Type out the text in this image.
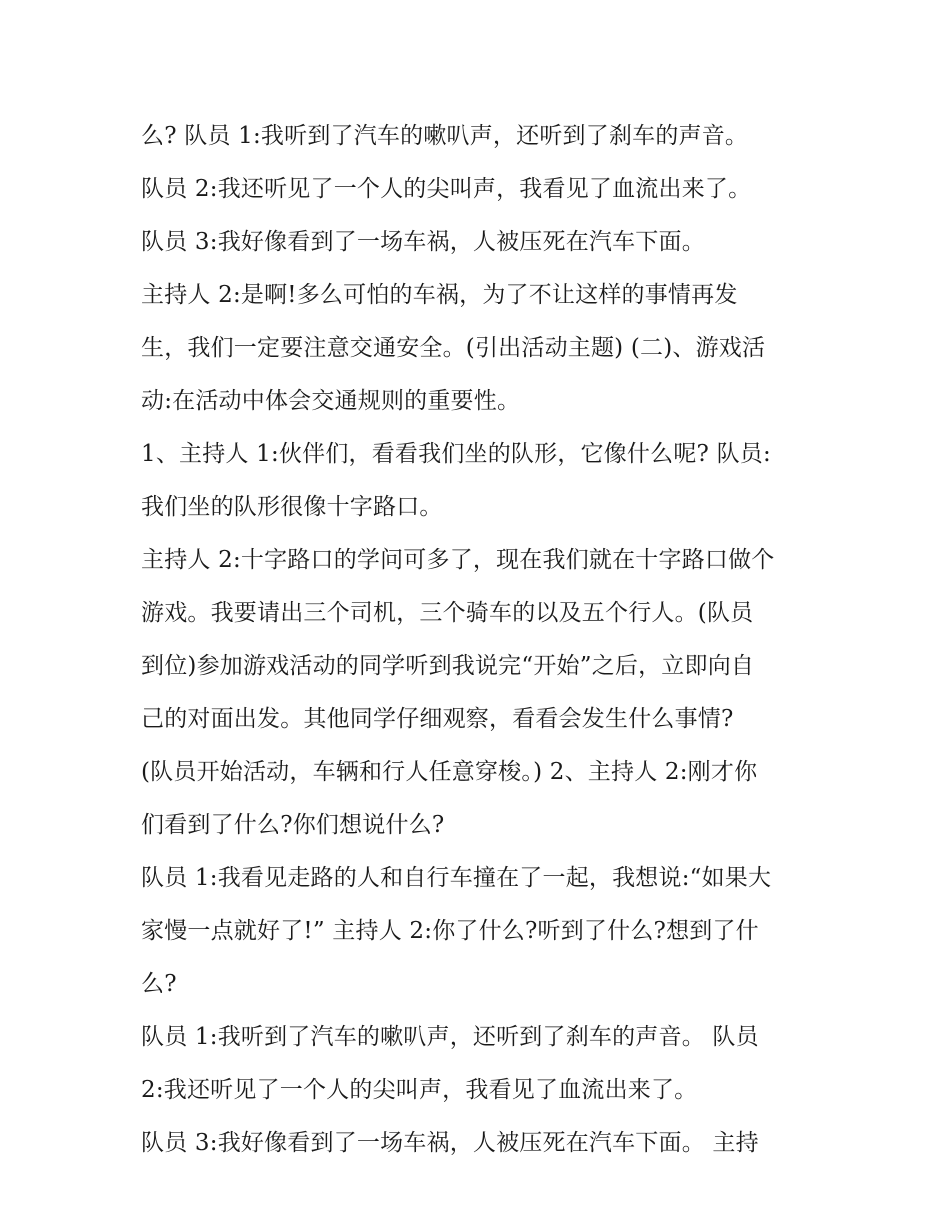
么? 队员 1:我听到了汽车的嗽叭声，还听到了刹车的声音。
队员 2:我还听见了一个人的尖叫声，我看见了血流出来了。
队员 3:我好像看到了一场车祸，人被压死在汽车下面。
主持人 2:是啊!多么可怕的车祸，为了不让这样的事情再发
生，我们一定要注意交通安全。(引出活动主题) (二)、游戏活
动:在活动中体会交通规则的重要性。
1、主持人 1:伙伴们，看看我们坐的队形，它像什么呢? 队员:
我们坐的队形很像十字路口。
主持人 2:十字路口的学问可多了，现在我们就在十字路口做个
游戏。我要请出三个司机，三个骑车的以及五个行人。(队员
到位)参加游戏活动的同学听到我说完“开始”之后，立即向自
己的对面出发。其他同学仔细观察，看看会发生什么事情?
(队员开始活动，车辆和行人任意穿梭。) 2、主持人 2:刚才你
们看到了什么?你们想说什么?
队员 1:我看见走路的人和自行车撞在了一起，我想说:“如果大
家慢一点就好了!” 主持人 2:你了什么?听到了什么?想到了什
么?
队员 1:我听到了汽车的嗽叭声，还听到了刹车的声音。 队员
2:我还听见了一个人的尖叫声，我看见了血流出来了。
队员 3:我好像看到了一场车祸，人被压死在汽车下面。 主持
